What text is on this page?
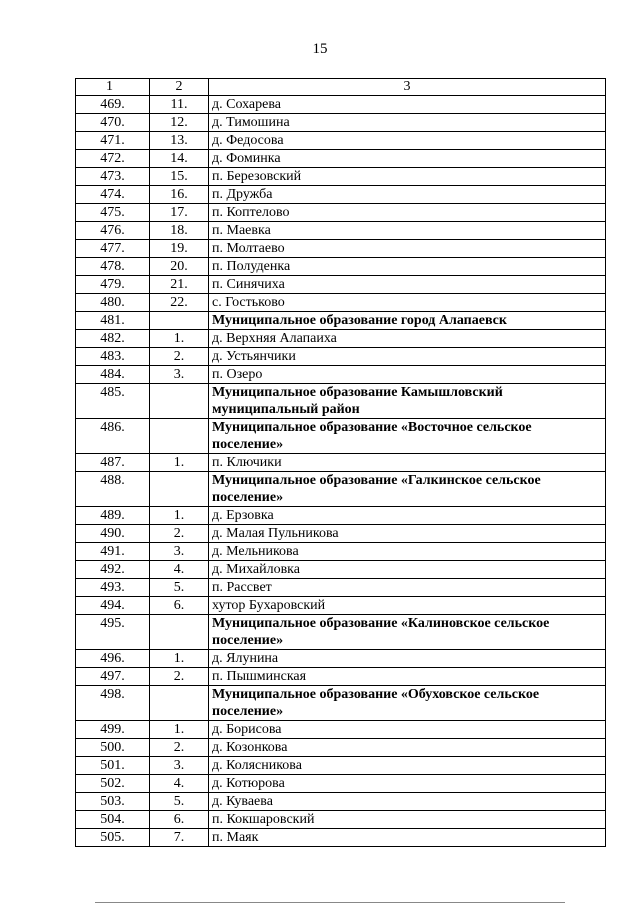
15
1	2	3
469.	11.	д. Сохарева
470.	12.	д. Тимошина
471.	13.	д. Федосова
472.	14.	д. Фоминка
473.	15.	п. Березовский
474.	16.	п. Дружба
475.	17.	п. Коптелово
476.	18.	п. Маевка
477.	19.	п. Молтаево
478.	20.	п. Полуденка
479.	21.	п. Синячиха
480.	22.	с. Гостьково
481.		Муниципальное образование город Алапаевск
482.	1.	д. Верхняя Алапаиха
483.	2.	д. Устьянчики
484.	3.	п. Озеро
485.		Муниципальное образование Камышловский муниципальный район
486.		Муниципальное образование «Восточное сельское поселение»
487.	1.	п. Ключики
488.		Муниципальное образование «Галкинское сельское поселение»
489.	1.	д. Ерзовка
490.	2.	д. Малая Пульникова
491.	3.	д. Мельникова
492.	4.	д. Михайловка
493.	5.	п. Рассвет
494.	6.	хутор Бухаровский
495.		Муниципальное образование «Калиновское сельское поселение»
496.	1.	д. Ялунина
497.	2.	п. Пышминская
498.		Муниципальное образование «Обуховское сельское поселение»
499.	1.	д. Борисова
500.	2.	д. Козонкова
501.	3.	д. Колясникова
502.	4.	д. Котюрова
503.	5.	д. Куваева
504.	6.	п. Кокшаровский
505.	7.	п. Маяк
